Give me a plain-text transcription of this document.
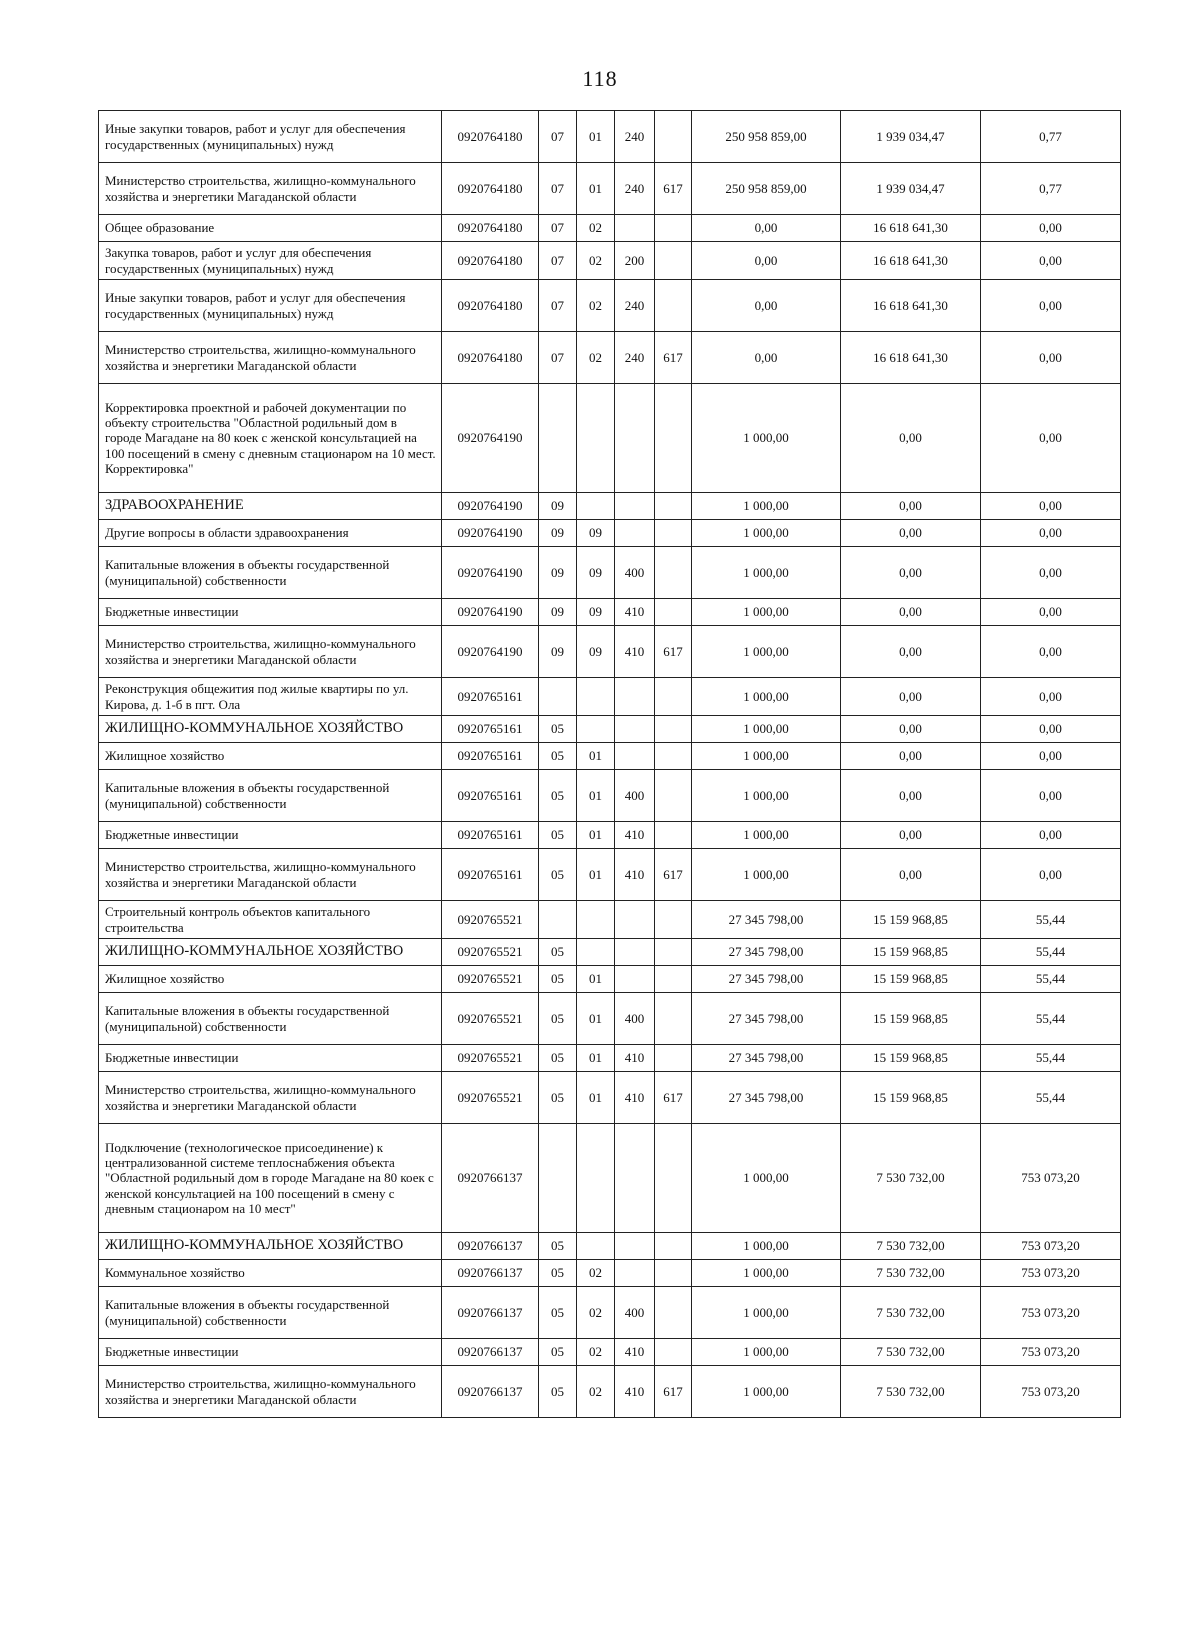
118
Иные закупки товаров, работ и услуг для обеспечения государственных (муниципальных) нужд	0920764180	07	01	240		250 958 859,00	1 939 034,47	0,77
Министерство строительства, жилищно-коммунального хозяйства и энергетики Магаданской области	0920764180	07	01	240	617	250 958 859,00	1 939 034,47	0,77
Общее образование	0920764180	07	02			0,00	16 618 641,30	0,00
Закупка товаров, работ и услуг для обеспечения государственных (муниципальных) нужд	0920764180	07	02	200		0,00	16 618 641,30	0,00
Иные закупки товаров, работ и услуг для обеспечения государственных (муниципальных) нужд	0920764180	07	02	240		0,00	16 618 641,30	0,00
Министерство строительства, жилищно-коммунального хозяйства и энергетики Магаданской области	0920764180	07	02	240	617	0,00	16 618 641,30	0,00
Корректировка проектной и рабочей документации по объекту строительства "Областной родильный дом в городе Магадане на 80 коек с женской консультацией на 100 посещений в смену с дневным стационаром на 10 мест. Корректировка"	0920764190					1 000,00	0,00	0,00
ЗДРАВООХРАНЕНИЕ	0920764190	09				1 000,00	0,00	0,00
Другие вопросы в области здравоохранения	0920764190	09	09			1 000,00	0,00	0,00
Капитальные вложения в объекты государственной (муниципальной) собственности	0920764190	09	09	400		1 000,00	0,00	0,00
Бюджетные инвестиции	0920764190	09	09	410		1 000,00	0,00	0,00
Министерство строительства, жилищно-коммунального хозяйства и энергетики Магаданской области	0920764190	09	09	410	617	1 000,00	0,00	0,00
Реконструкция общежития под жилые квартиры по ул. Кирова, д. 1-б в пгт. Ола	0920765161					1 000,00	0,00	0,00
ЖИЛИЩНО-КОММУНАЛЬНОЕ ХОЗЯЙСТВО	0920765161	05				1 000,00	0,00	0,00
Жилищное хозяйство	0920765161	05	01			1 000,00	0,00	0,00
Капитальные вложения в объекты государственной (муниципальной) собственности	0920765161	05	01	400		1 000,00	0,00	0,00
Бюджетные инвестиции	0920765161	05	01	410		1 000,00	0,00	0,00
Министерство строительства, жилищно-коммунального хозяйства и энергетики Магаданской области	0920765161	05	01	410	617	1 000,00	0,00	0,00
Строительный контроль объектов капитального строительства	0920765521					27 345 798,00	15 159 968,85	55,44
ЖИЛИЩНО-КОММУНАЛЬНОЕ ХОЗЯЙСТВО	0920765521	05				27 345 798,00	15 159 968,85	55,44
Жилищное хозяйство	0920765521	05	01			27 345 798,00	15 159 968,85	55,44
Капитальные вложения в объекты государственной (муниципальной) собственности	0920765521	05	01	400		27 345 798,00	15 159 968,85	55,44
Бюджетные инвестиции	0920765521	05	01	410		27 345 798,00	15 159 968,85	55,44
Министерство строительства, жилищно-коммунального хозяйства и энергетики Магаданской области	0920765521	05	01	410	617	27 345 798,00	15 159 968,85	55,44
Подключение (технологическое присоединение) к централизованной системе теплоснабжения объекта "Областной родильный дом в городе Магадане на 80 коек с женской консультацией на 100 посещений в смену с дневным стационаром на 10 мест"	0920766137					1 000,00	7 530 732,00	753 073,20
ЖИЛИЩНО-КОММУНАЛЬНОЕ ХОЗЯЙСТВО	0920766137	05				1 000,00	7 530 732,00	753 073,20
Коммунальное хозяйство	0920766137	05	02			1 000,00	7 530 732,00	753 073,20
Капитальные вложения в объекты государственной (муниципальной) собственности	0920766137	05	02	400		1 000,00	7 530 732,00	753 073,20
Бюджетные инвестиции	0920766137	05	02	410		1 000,00	7 530 732,00	753 073,20
Министерство строительства, жилищно-коммунального хозяйства и энергетики Магаданской области	0920766137	05	02	410	617	1 000,00	7 530 732,00	753 073,20
